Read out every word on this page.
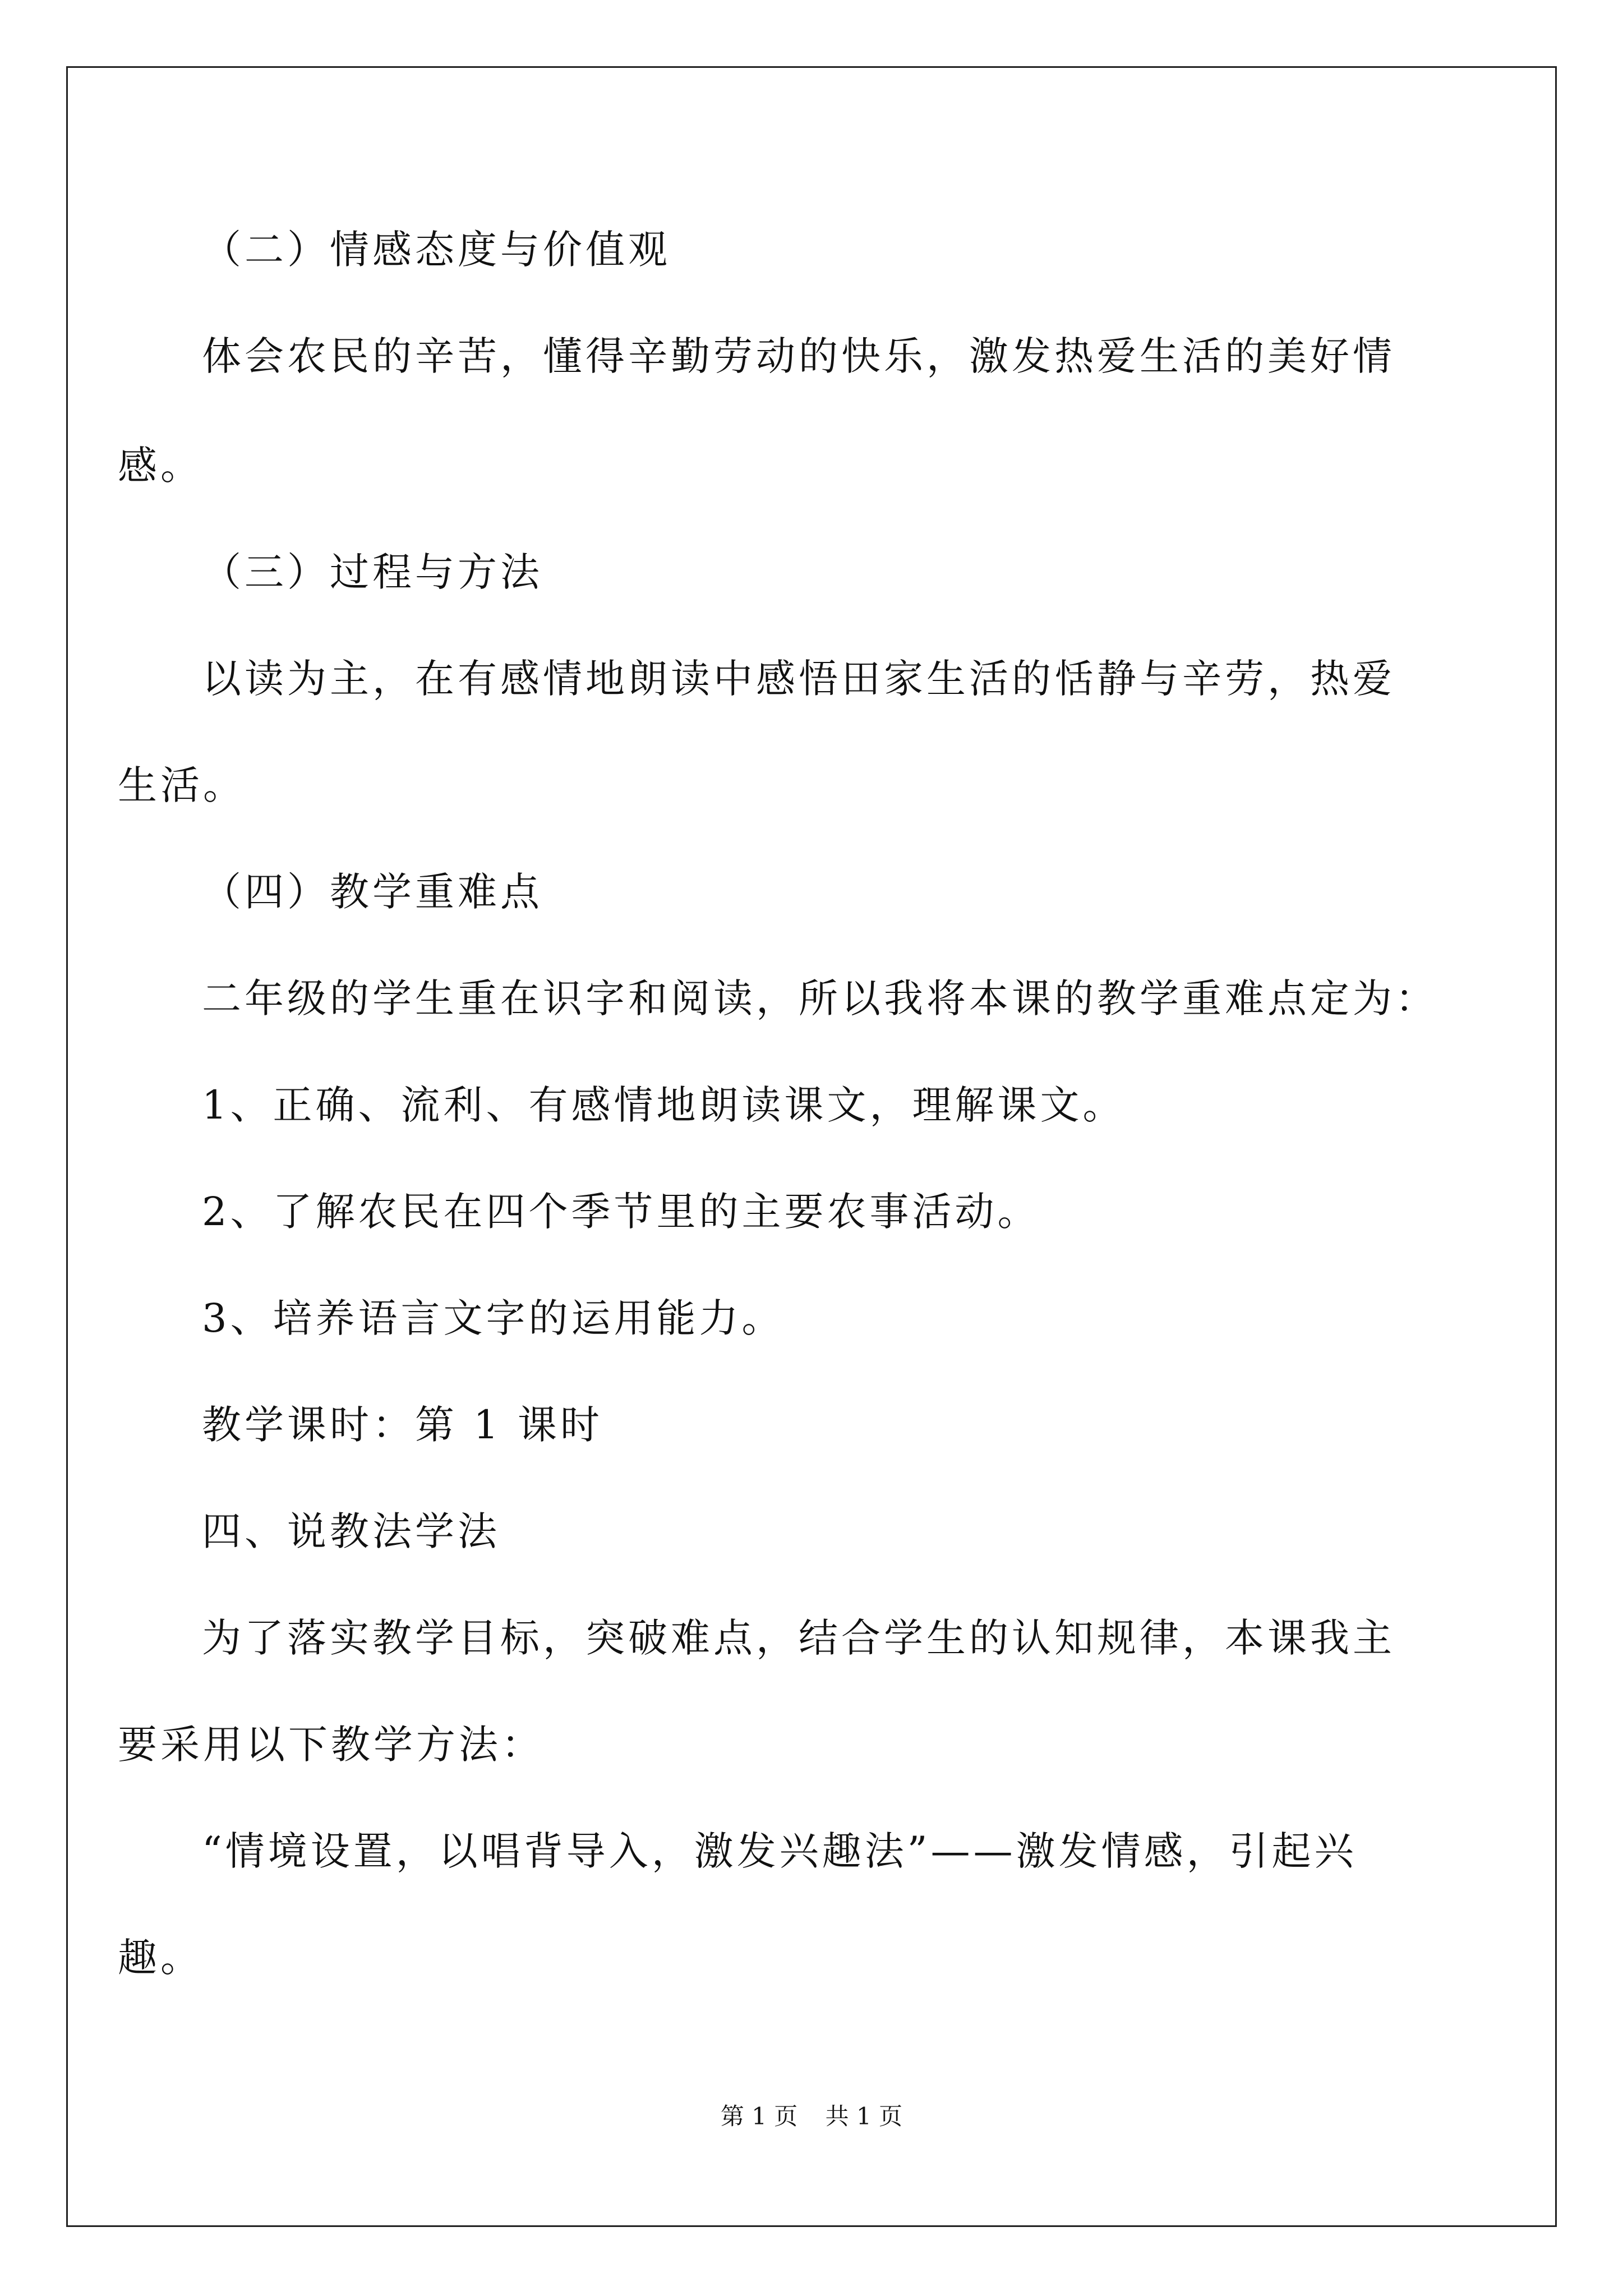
（二）情感态度与价值观
体会农民的辛苦，懂得辛勤劳动的快乐，激发热爱生活的美好情
感。
（三）过程与方法
以读为主，在有感情地朗读中感悟田家生活的恬静与辛劳，热爱
生活。
（四）教学重难点
二年级的学生重在识字和阅读，所以我将本课的教学重难点定为：
1、正确、流利、有感情地朗读课文，理解课文。
2、了解农民在四个季节里的主要农事活动。
3、培养语言文字的运用能力。
教学课时：第 1 课时
四、说教法学法
为了落实教学目标，突破难点，结合学生的认知规律，本课我主
要采用以下教学方法：
“情境设置，以唱背导入，激发兴趣法”——激发情感，引起兴
趣。
第 1 页 共 1 页
